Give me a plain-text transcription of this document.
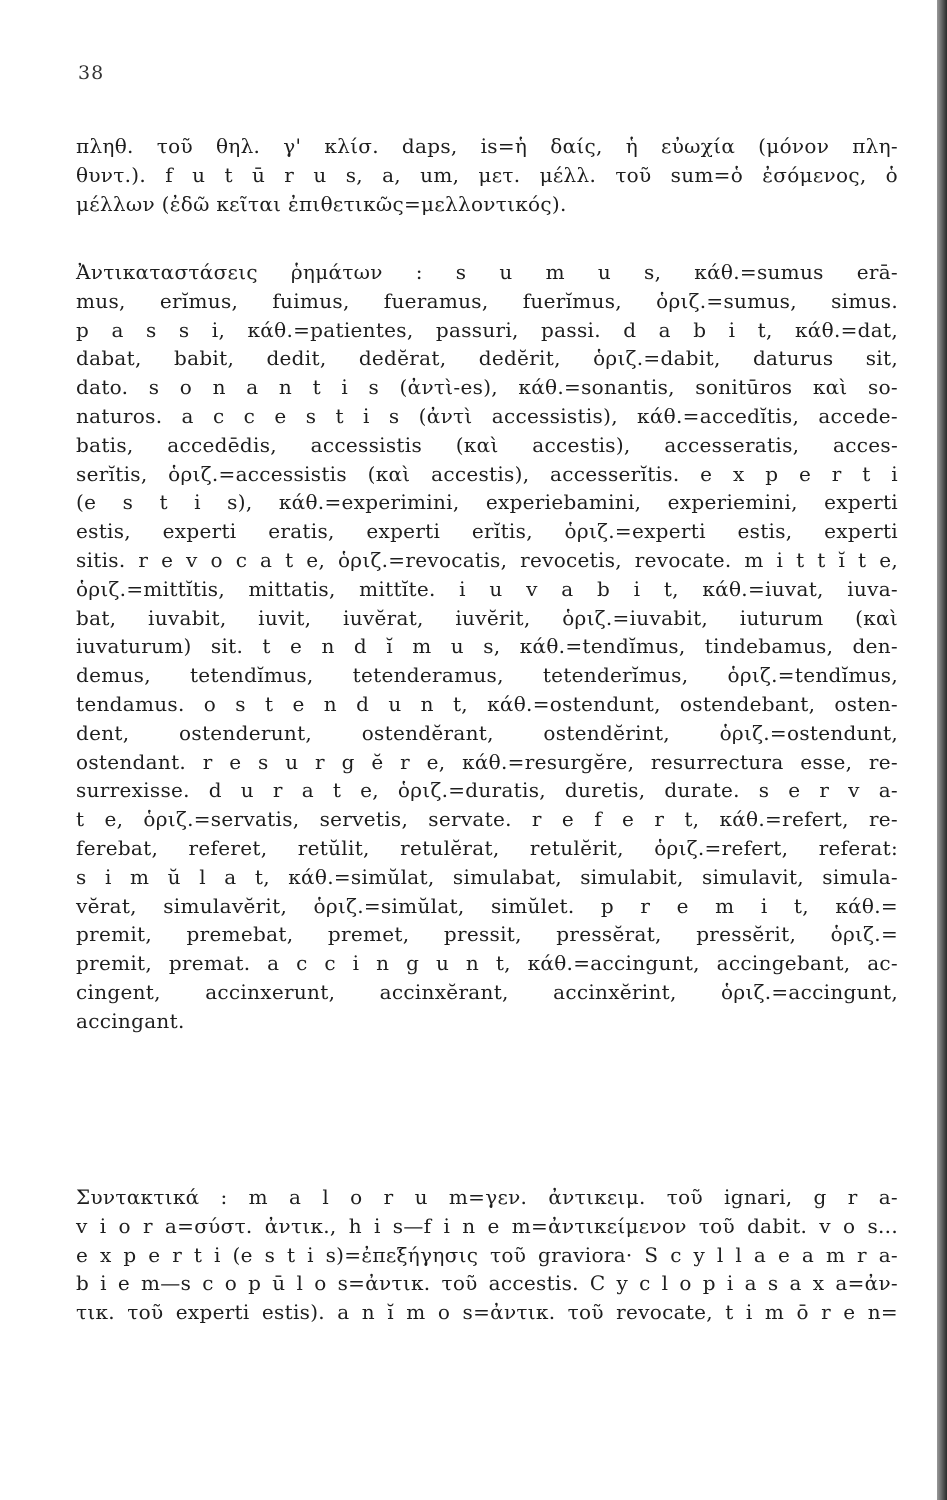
38
πληθ. τοῦ θηλ. γ' κλίσ. daps, is=ἡ δαίς, ἡ εὐωχία (μόνον πλη-
θυντ.). f u t ū r u s, a, um, μετ. μέλλ. τοῦ sum=ὁ ἐσόμενος, ὁ
μέλλων (ἐδῶ κεῖται ἐπιθετικῶς=μελλοντικός).
Ἀντικαταστάσεις ῥημάτων : s u m u s, κάθ.=sumus erā-
mus, erĭmus, fuimus, fueramus, fuerĭmus, ὁριζ.=sumus, simus.
p a s s i, κάθ.=patientes, passuri, passi. d a b i t, κάθ.=dat,
dabat, babit, dedit, dedĕrat, dedĕrit, ὁριζ.=dabit, daturus sit,
dato. s o n a n t i s (ἀντὶ-es), κάθ.=sonantis, sonitūros καὶ so-
naturos. a c c e s t i s (ἀντὶ accessistis), κάθ.=accedĭtis, accede-
batis, accedēdis, accessistis (καὶ accestis), accesseratis, acces-
serĭtis, ὁριζ.=accessistis (καὶ accestis), accesserĭtis. e x p e r t i
(e s t i s), κάθ.=experimini, experiebamini, experiemini, experti
estis, experti eratis, experti erĭtis, ὁριζ.=experti estis, experti
sitis. r e v o c a t e, ὁριζ.=revocatis, revocetis, revocate. m i t t ĭ t e,
ὁριζ.=mittĭtis, mittatis, mittĭte. i u v a b i t, κάθ.=iuvat, iuva-
bat, iuvabit, iuvit, iuvĕrat, iuvĕrit, ὁριζ.=iuvabit, iuturum (καὶ
iuvaturum) sit. t e n d ĭ m u s, κάθ.=tendĭmus, tindebamus, den-
demus, tetendĭmus, tetenderamus, tetenderĭmus, ὁριζ.=tendĭmus,
tendamus. o s t e n d u n t, κάθ.=ostendunt, ostendebant, osten-
dent, ostenderunt, ostendĕrant, ostendĕrint, ὁριζ.=ostendunt,
ostendant. r e s u r g ĕ r e, κάθ.=resurgĕre, resurrectura esse, re-
surrexisse. d u r a t e, ὁριζ.=duratis, duretis, durate. s e r v a-
t e, ὁριζ.=servatis, servetis, servate. r e f e r t, κάθ.=refert, re-
ferebat, referet, retŭlit, retulĕrat, retulĕrit, ὁριζ.=refert, referat:
s i m ŭ l a t, κάθ.=simŭlat, simulabat, simulabit, simulavit, simula-
vĕrat, simulavĕrit, ὁριζ.=simŭlat, simŭlet. p r e m i t, κάθ.=
premit, premebat, premet, pressit, pressĕrat, pressĕrit, ὁριζ.=
premit, premat. a c c i n g u n t, κάθ.=accingunt, accingebant, ac-
cingent, accinxerunt, accinxĕrant, accinxĕrint, ὁριζ.=accingunt,
accingant.
Συντακτικά : m a l o r u m=γεν. ἀντικειμ. τοῦ ignari, g r a-
v i o r a=σύστ. ἀντικ., h i s—f i n e m=ἀντικείμενον τοῦ dabit. v o s...
e x p e r t i (e s t i s)=ἐπεξήγησις τοῦ graviora· S c y l l a e a m r a-
b i e m—s c o p ū l o s=ἀντικ. τοῦ accestis. C y c l o p i a s a x a=ἀν-
τικ. τοῦ experti estis). a n ĭ m o s=ἀντικ. τοῦ revocate, t i m ō r e n=
